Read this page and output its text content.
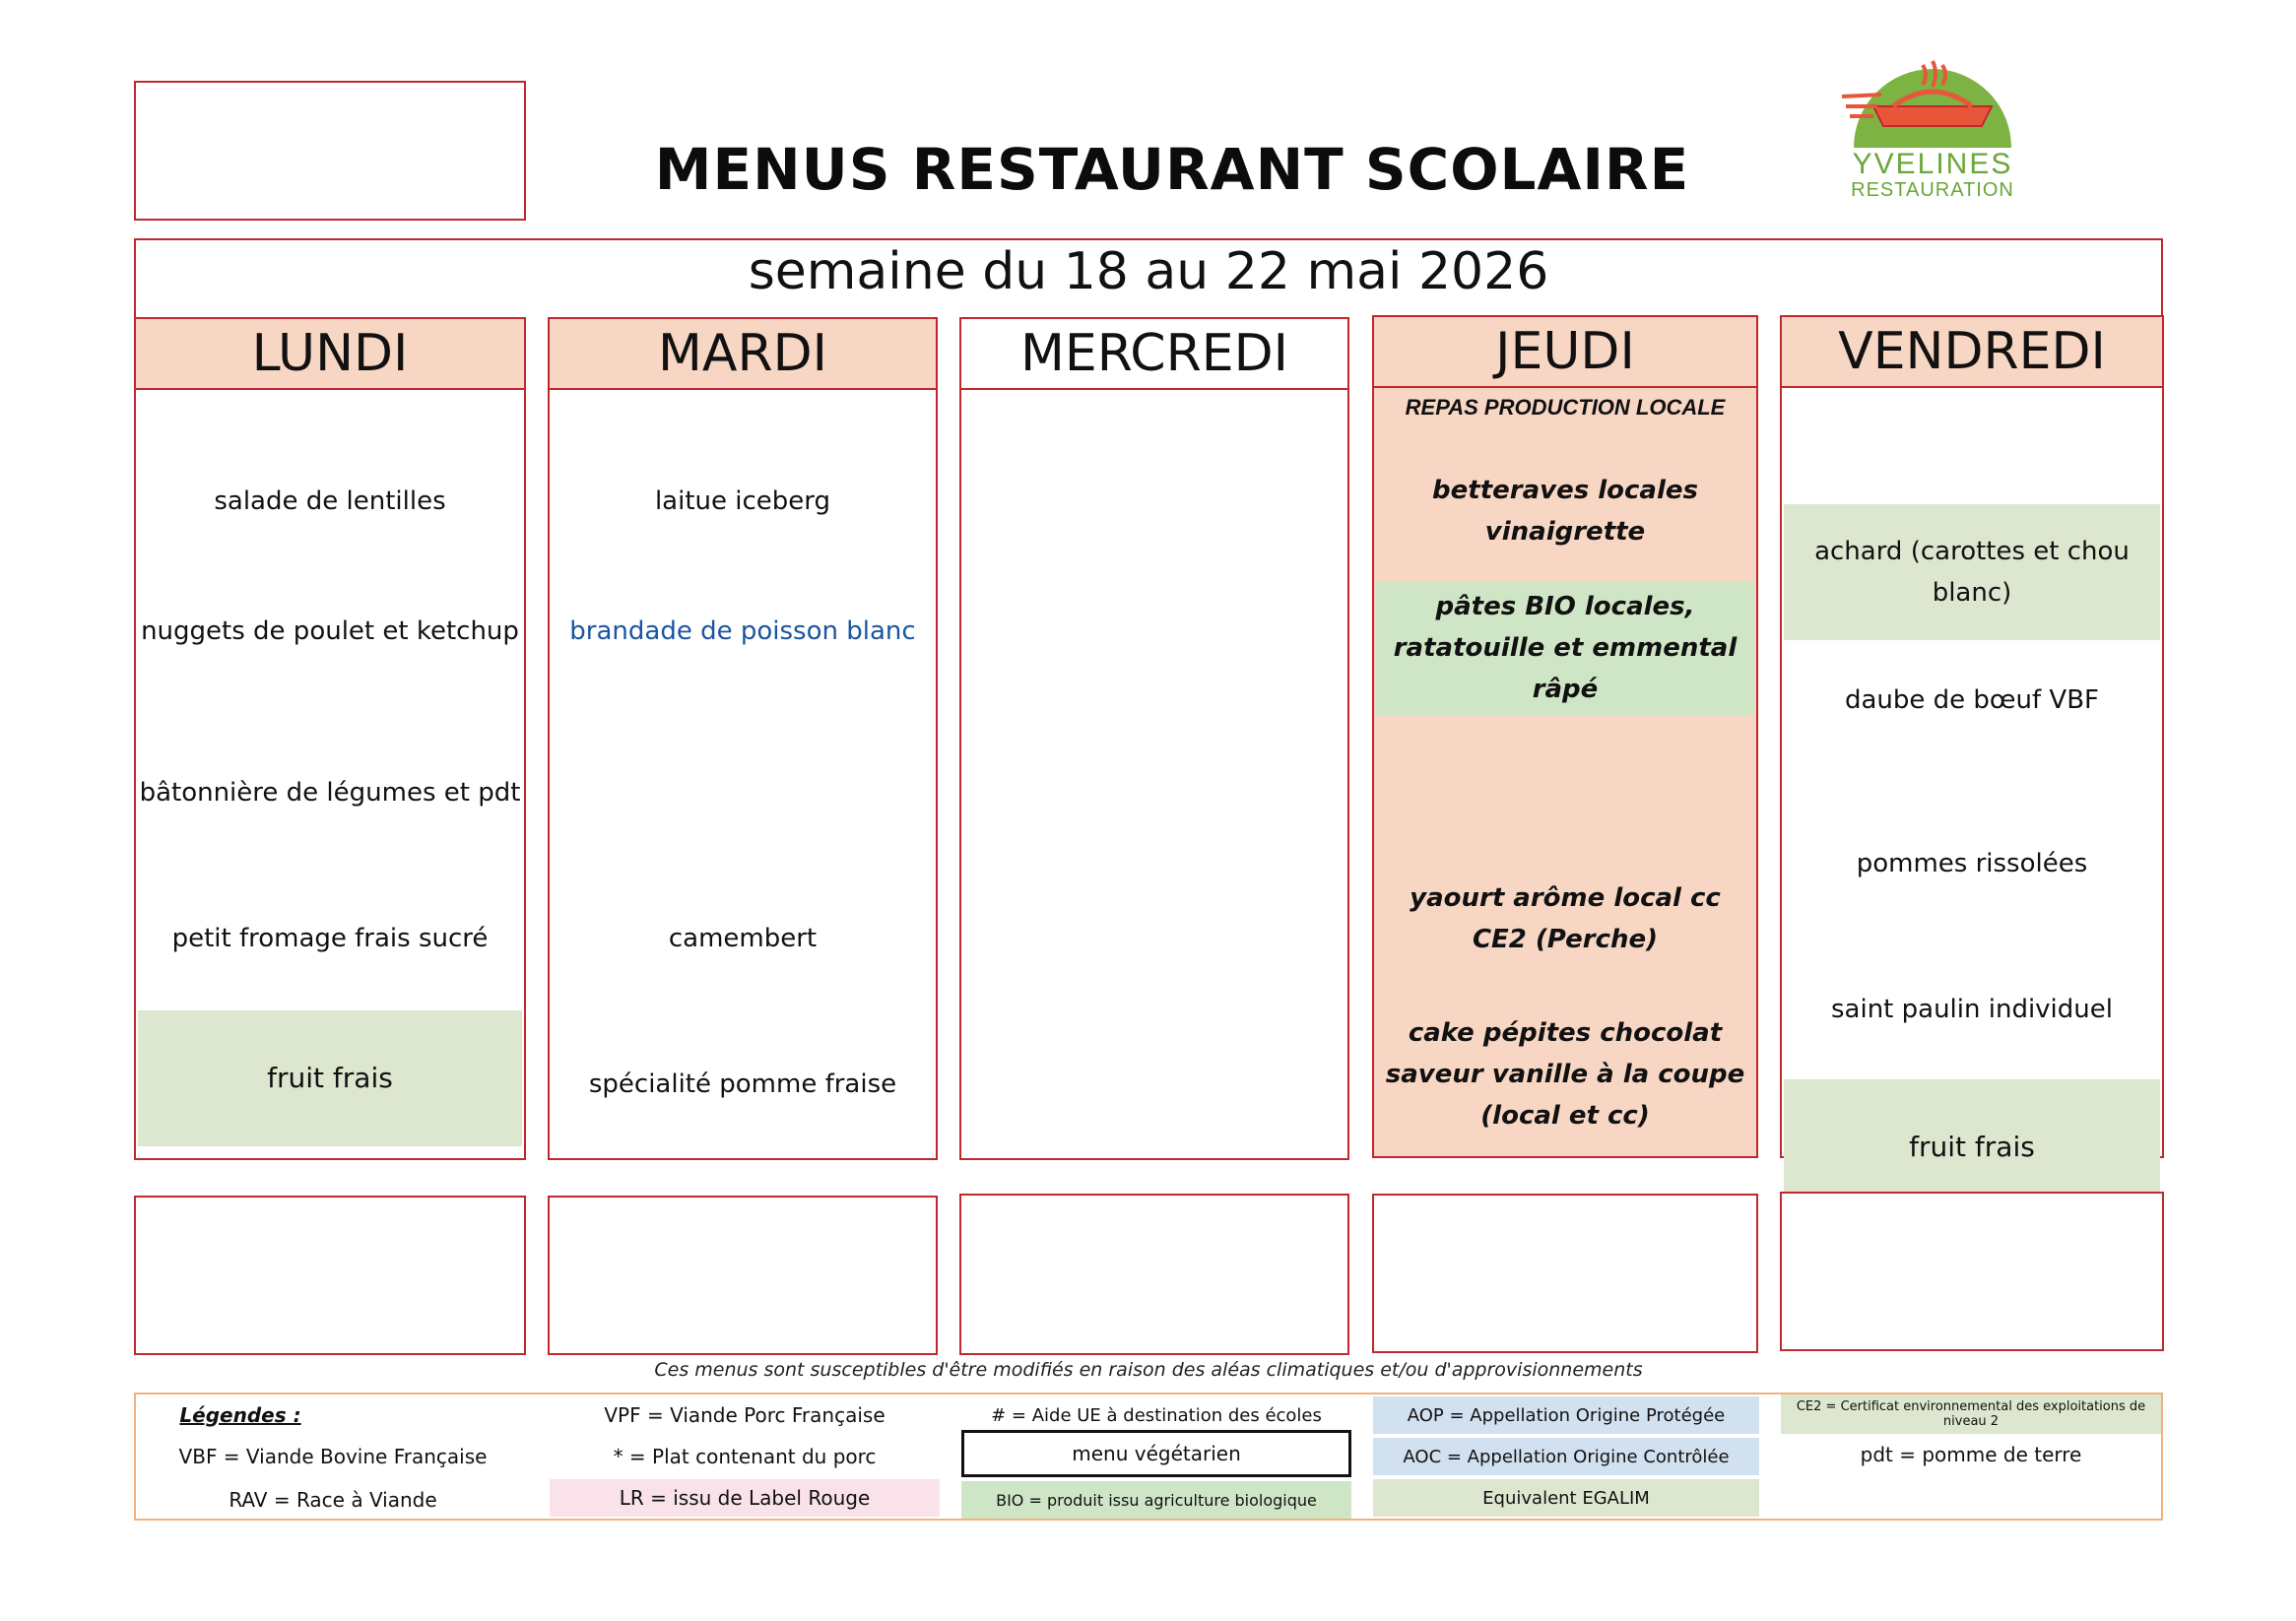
MENUS RESTAURANT SCOLAIRE	YVELINES
RESTAURATION
semaine du 18 au 22 mai 2026
LUNDI
salade de lentilles
nuggets de poulet et ketchup
bâtonnière de légumes et pdt
petit fromage frais sucré
fruit frais
MARDI
laitue iceberg
brandade de poisson blanc
camembert
spécialité pomme fraise
MERCREDI	JEUDI
REPAS PRODUCTION LOCALE
betteraves locales vinaigrette
pâtes BIO locales, ratatouille et emmental râpé
yaourt arôme local cc CE2 (Perche)
cake pépites chocolat saveur vanille à la coupe (local et cc)
VENDREDI
achard (carottes et chou blanc)
daube de bœuf VBF
pommes rissolées
saint paulin individuel
fruit frais
Ces menus sont susceptibles d'être modifiés en raison des aléas climatiques et/ou d'approvisionnements
Légendes :
VBF = Viande Bovine Française
RAV = Race à Viande
VPF = Viande Porc Française
* = Plat contenant du porc
LR = issu de Label Rouge
# = Aide UE à destination des écoles
menu végétarien
BIO = produit issu agriculture biologique
AOP = Appellation Origine Protégée
AOC = Appellation Origine Contrôlée
Equivalent EGALIM
CE2 = Certificat environnemental des exploitations de niveau 2
pdt = pomme de terre
